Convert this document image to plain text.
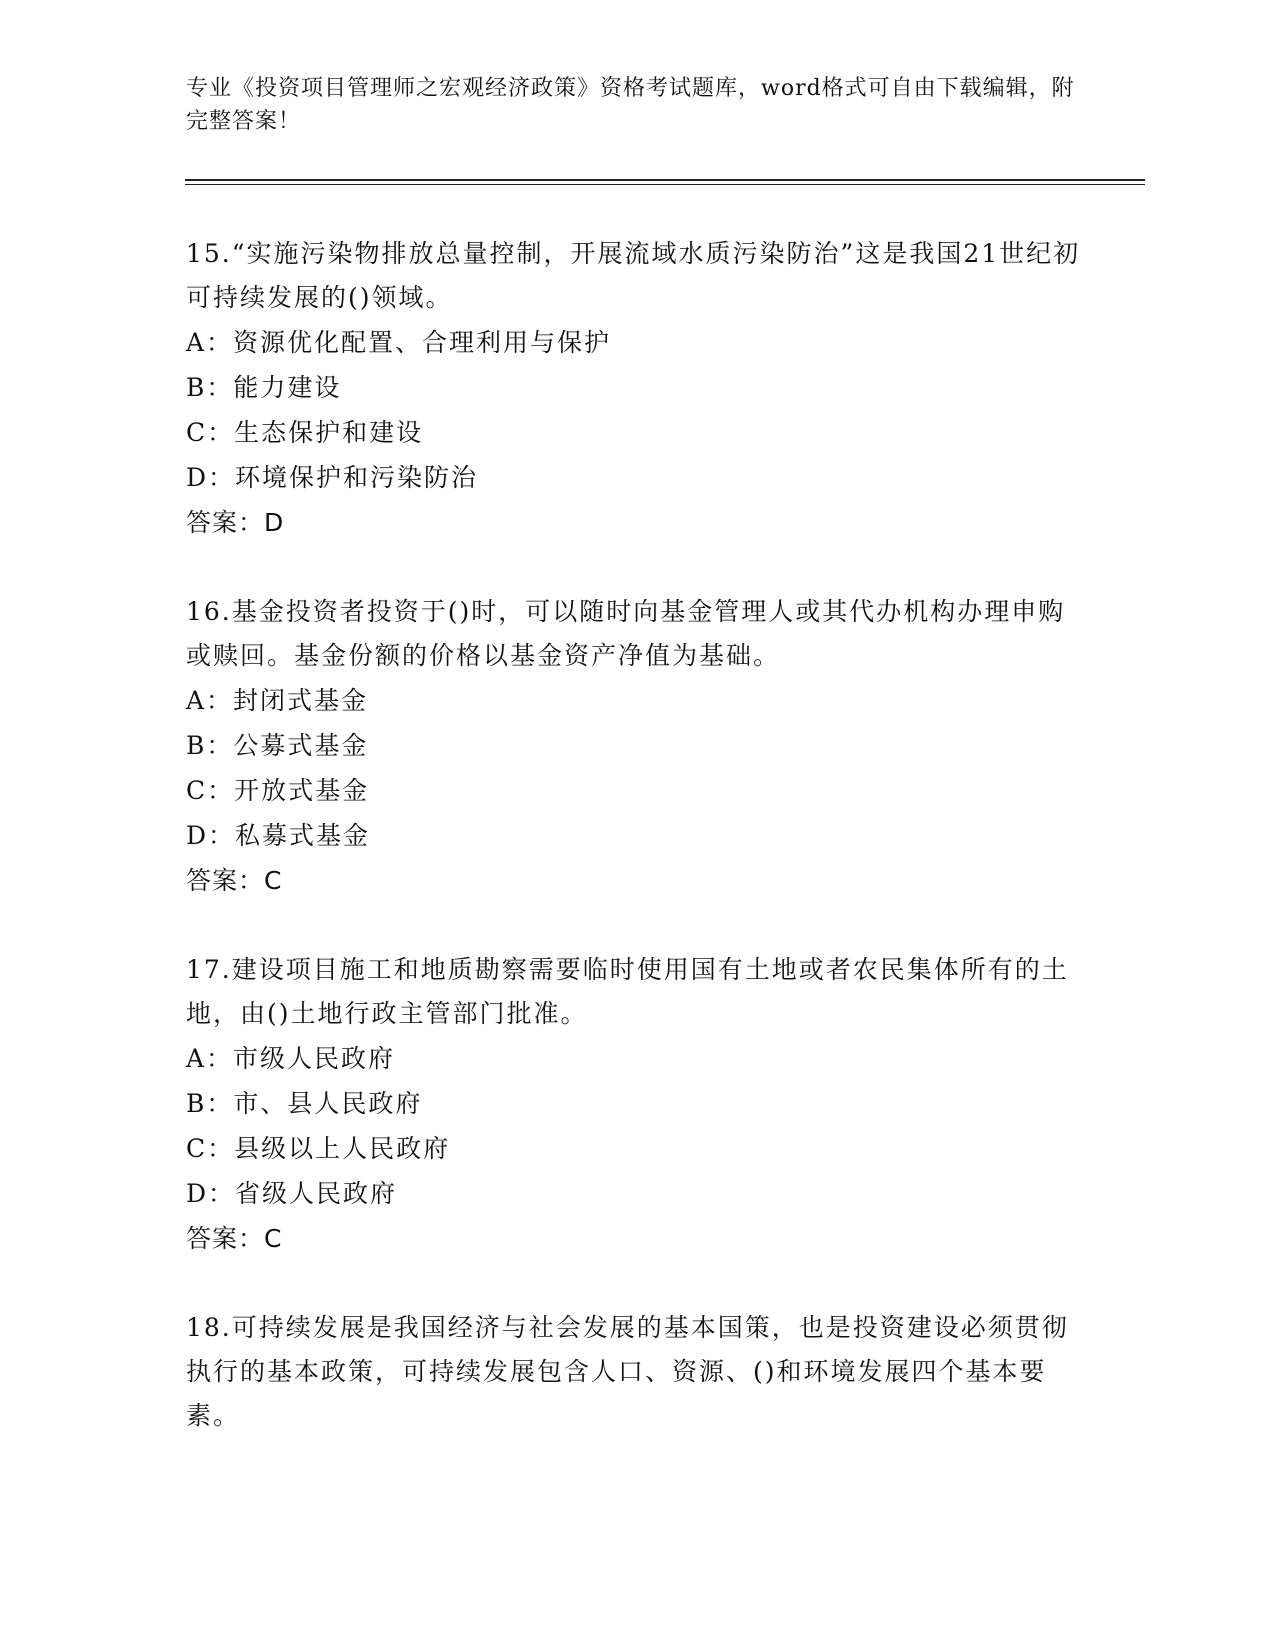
专业《投资项目管理师之宏观经济政策》资格考试题库，word格式可自由下载编辑，附完整答案！
15.“实施污染物排放总量控制，开展流域水质污染防治”这是我国21世纪初可持续发展的()领域。
A：资源优化配置、合理利用与保护
B：能力建设
C：生态保护和建设
D：环境保护和污染防治
答案：D
16.基金投资者投资于()时，可以随时向基金管理人或其代办机构办理申购或赎回。基金份额的价格以基金资产净值为基础。
A：封闭式基金
B：公募式基金
C：开放式基金
D：私募式基金
答案：C
17.建设项目施工和地质勘察需要临时使用国有土地或者农民集体所有的土地，由()土地行政主管部门批准。
A：市级人民政府
B：市、县人民政府
C：县级以上人民政府
D：省级人民政府
答案：C
18.可持续发展是我国经济与社会发展的基本国策，也是投资建设必须贯彻执行的基本政策，可持续发展包含人口、资源、()和环境发展四个基本要素。
